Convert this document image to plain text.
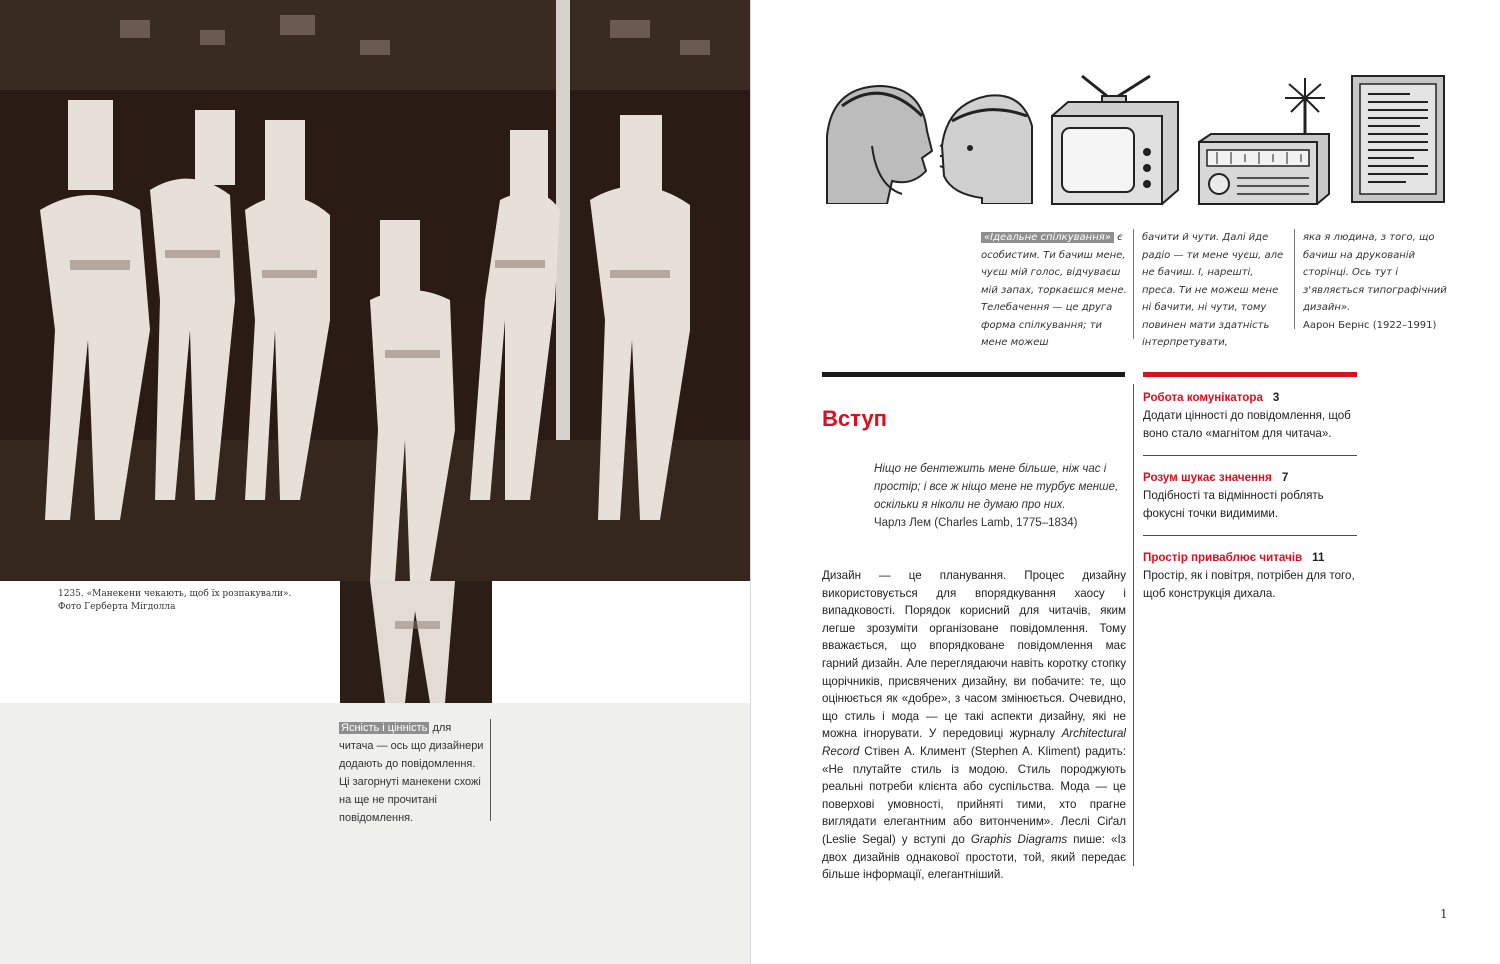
1235. «Манекени чекають, щоб їх розпакували».
Фото Герберта Мігдолла
Ясність і цінність для читача — ось що дизайнери додають до повідомлення. Ці загорнуті манекени схожі на ще не прочитані повідомлення.
«Ідеальне спілкування» є особистим. Ти бачиш мене, чуєш мій голос, відчуваєш мій запах, торкаєшся мене. Телебачення — це друга форма спілкування; ти мене можеш
бачити й чути. Далі йде радіо — ти мене чуєш, але не бачиш. І, нарешті, преса. Ти не можеш мене ні бачити, ні чути, тому повинен мати здатність інтерпретувати,
яка я людина, з того, що бачиш на друкованій сторінці. Ось тут і з'являється типографічний дизайн».
Аарон Бернс (1922–1991)
Вступ
Ніщо не бентежить мене більше, ніж час і простір; і все ж ніщо мене не турбує менше, оскільки я ніколи не думаю про них.
Чарлз Лем (Charles Lamb, 1775–1834)
Дизайн — це планування. Процес дизайну використовується для впорядкування хаосу і випадковості. Порядок корисний для читачів, яким легше зрозуміти організоване повідомлення. Тому вважається, що впорядковане повідомлення має гарний дизайн. Але переглядаючи навіть коротку стопку щорічників, присвячених дизайну, ви побачите: те, що оцінюється як «добре», з часом змінюється. Очевидно, що стиль і мода — це такі аспекти дизайну, які не можна ігнорувати. У передовиці журналу Architectural Record Стівен А. Климент (Stephen A. Kliment) радить: «Не плутайте стиль із модою. Стиль породжують реальні потреби клієнта або суспільства. Мода — це поверхові умовності, прийняті тими, хто прагне виглядати елегантним або витонченим». Леслі Сіґал (Leslie Segal) у вступі до Graphis Diagrams пише: «Із двох дизайнів однакової простоти, той, який передає більше інформації, елегантніший.
Робота комунікатора 3
Додати цінності до повідомлення, щоб воно стало «магнітом для читача».
Розум шукає значення 7
Подібності та відмінності роблять фокусні точки видимими.
Простір приваблює читачів 11
Простір, як і повітря, потрібен для того, щоб конструкція дихала.
1
